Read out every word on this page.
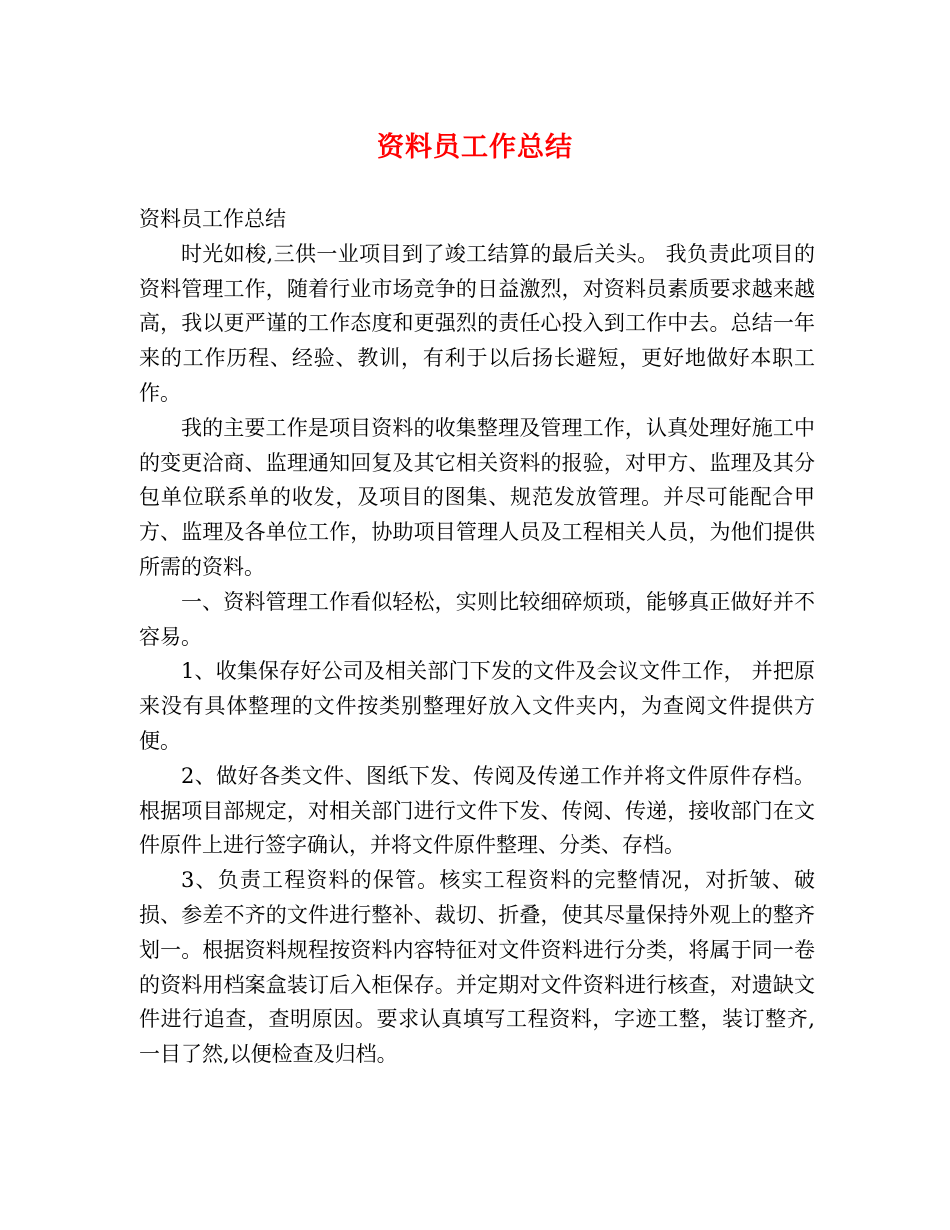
资料员工作总结

资料员工作总结

时光如梭,三供一业项目到了竣工结算的最后关头。 我负责此项目的资料管理工作，随着行业市场竞争的日益激烈，对资料员素质要求越来越高，我以更严谨的工作态度和更强烈的责任心投入到工作中去。总结一年来的工作历程、经验、教训，有利于以后扬长避短，更好地做好本职工作。

我的主要工作是项目资料的收集整理及管理工作，认真处理好施工中的变更洽商、监理通知回复及其它相关资料的报验，对甲方、监理及其分包单位联系单的收发，及项目的图集、规范发放管理。并尽可能配合甲方、监理及各单位工作，协助项目管理人员及工程相关人员，为他们提供所需的资料。

一、资料管理工作看似轻松，实则比较细碎烦琐，能够真正做好并不容易。

1、收集保存好公司及相关部门下发的文件及会议文件工作， 并把原来没有具体整理的文件按类别整理好放入文件夹内，为查阅文件提供方便。

2、做好各类文件、图纸下发、传阅及传递工作并将文件原件存档。根据项目部规定，对相关部门进行文件下发、传阅、传递，接收部门在文件原件上进行签字确认，并将文件原件整理、分类、存档。

3、负责工程资料的保管。核实工程资料的完整情况，对折皱、破损、参差不齐的文件进行整补、裁切、折叠，使其尽量保持外观上的整齐划一。根据资料规程按资料内容特征对文件资料进行分类，将属于同一卷的资料用档案盒装订后入柜保存。并定期对文件资料进行核查，对遗缺文件进行追查，查明原因。要求认真填写工程资料，字迹工整，装订整齐,一目了然,以便检查及归档。
